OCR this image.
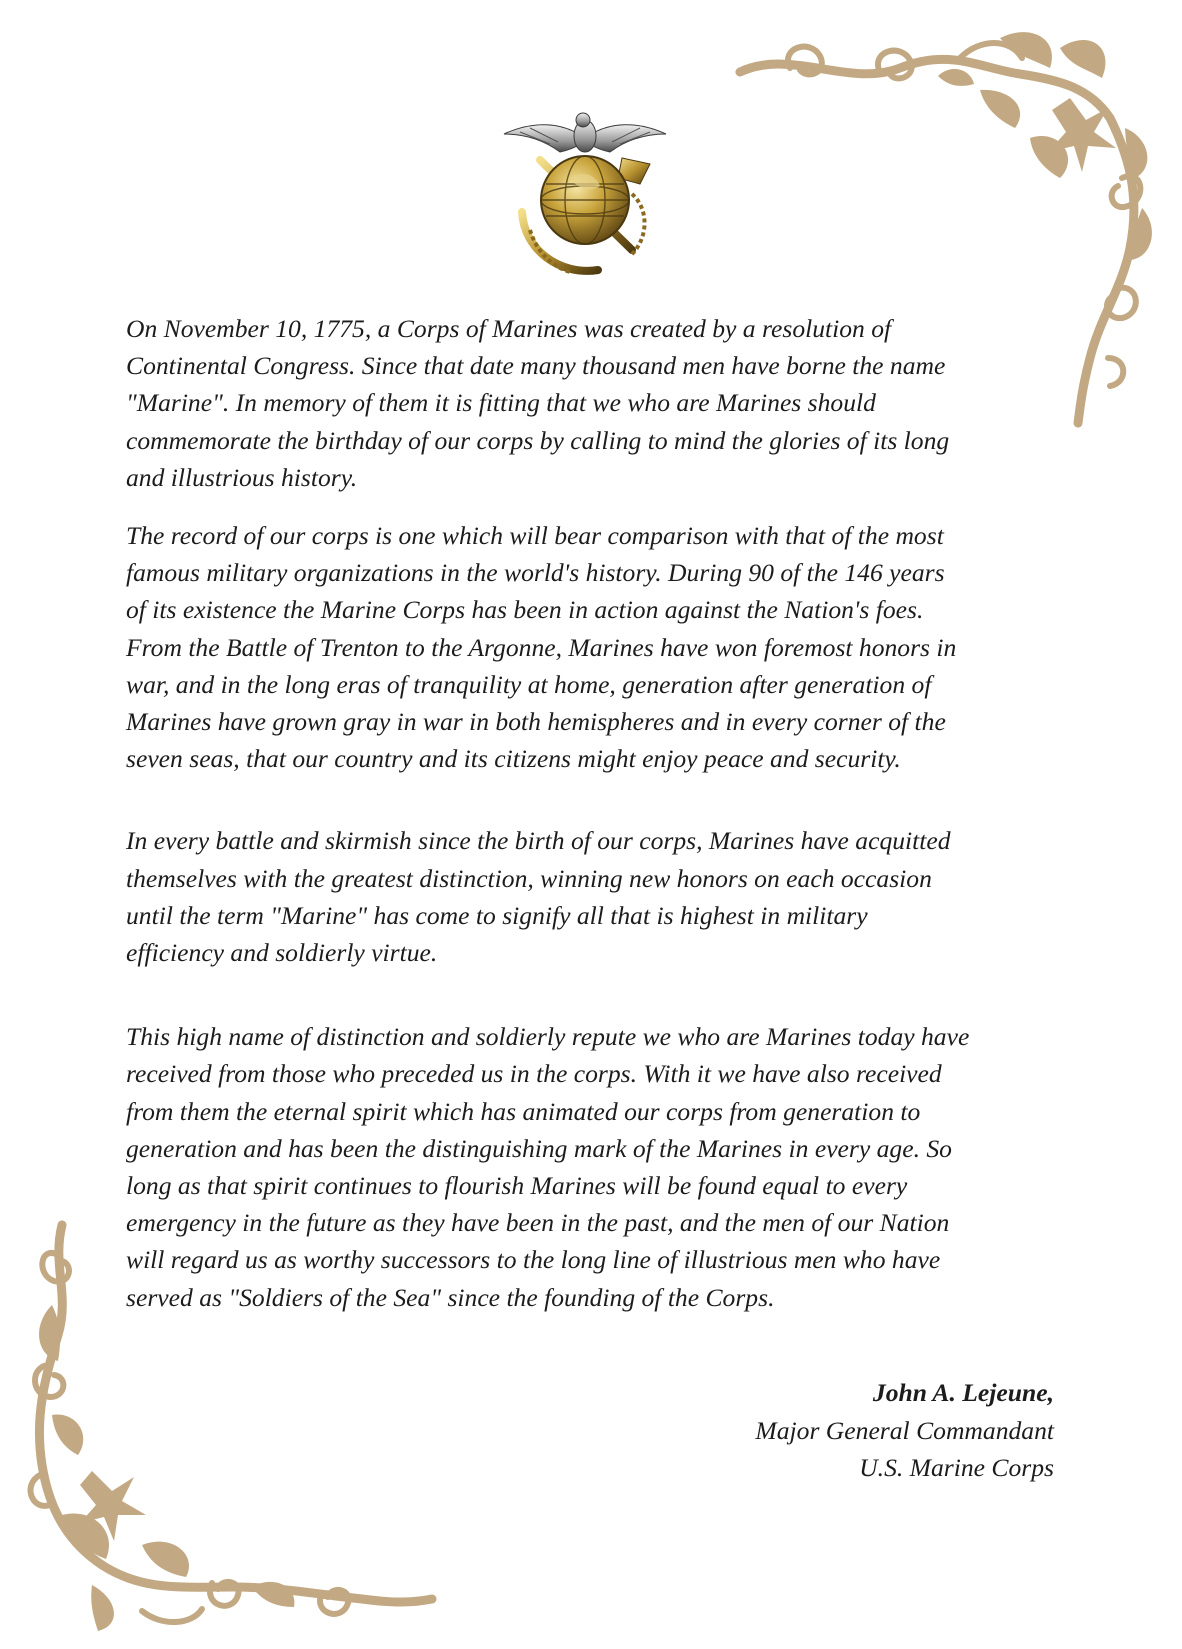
On November 10, 1775, a Corps of Marines was created by a resolution of
Continental Congress. Since that date many thousand men have borne the name
"Marine". In memory of them it is fitting that we who are Marines should
commemorate the birthday of our corps by calling to mind the glories of its long
and illustrious history.

The record of our corps is one which will bear comparison with that of the most
famous military organizations in the world's history. During 90 of the 146 years
of its existence the Marine Corps has been in action against the Nation's foes.
From the Battle of Trenton to the Argonne, Marines have won foremost honors in
war, and in the long eras of tranquility at home, generation after generation of
Marines have grown gray in war in both hemispheres and in every corner of the
seven seas, that our country and its citizens might enjoy peace and security.

In every battle and skirmish since the birth of our corps, Marines have acquitted
themselves with the greatest distinction, winning new honors on each occasion
until the term "Marine" has come to signify all that is highest in military
efficiency and soldierly virtue.

This high name of distinction and soldierly repute we who are Marines today have
received from those who preceded us in the corps. With it we have also received
from them the eternal spirit which has animated our corps from generation to
generation and has been the distinguishing mark of the Marines in every age. So
long as that spirit continues to flourish Marines will be found equal to every
emergency in the future as they have been in the past, and the men of our Nation
will regard us as worthy successors to the long line of illustrious men who have
served as "Soldiers of the Sea" since the founding of the Corps.

John A. Lejeune,
Major General Commandant
U.S. Marine Corps
